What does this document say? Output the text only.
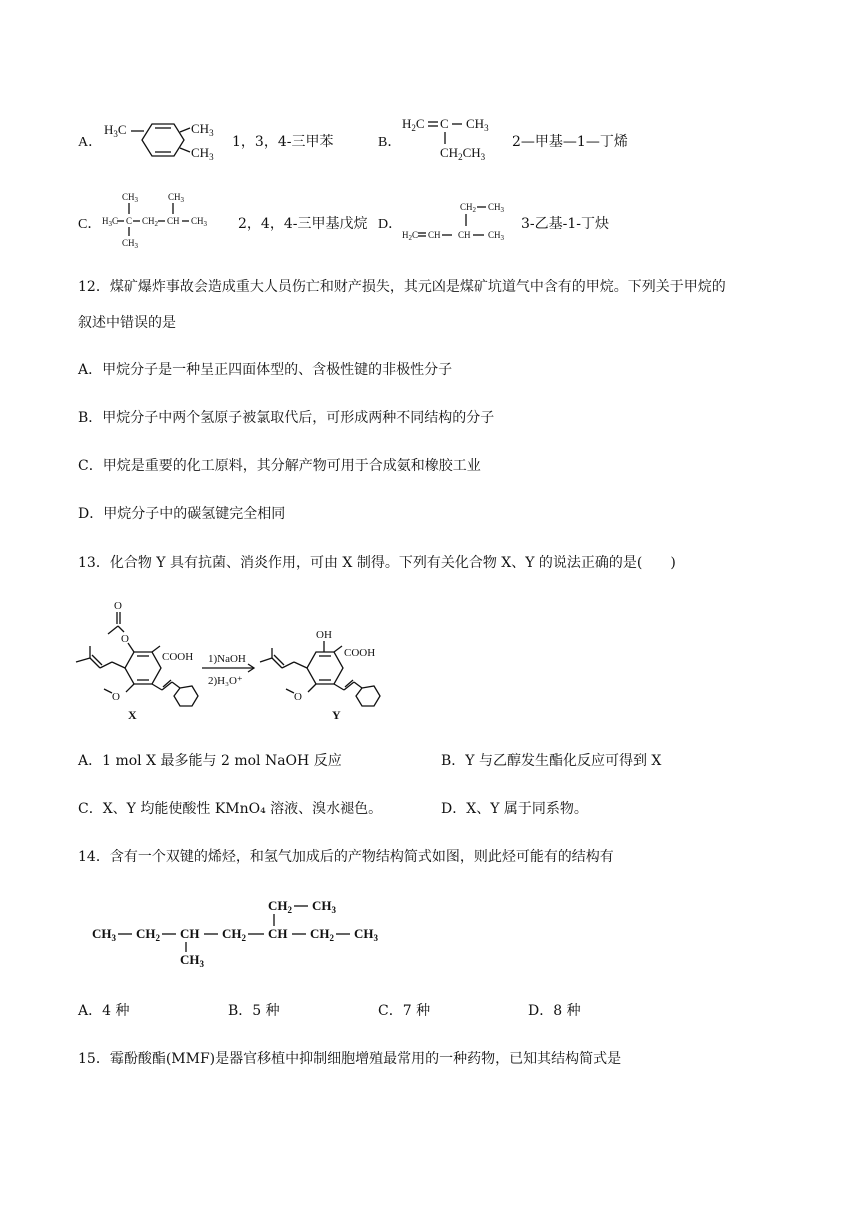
A．
$H_3C$	$CH_3$
$CH_3$
1，3，4-三甲苯	B．
$H_2C$ C $CH_3$
$CH_2CH_3$
2—甲基—1—丁烯
C． $H_3C$ C $CH_2$ CH $CH_3$
$CH_3$
$CH_3$
$CH_3$
2，4，4-三甲基戊烷 D．
$CH_2$ $CH_3$
$H_2C$ CH CH $CH_3$
3-乙基-1-丁炔
12．煤矿爆炸事故会造成重大人员伤亡和财产损失，其元凶是煤矿坑道气中含有的甲烷。下列关于甲烷的
叙述中错误的是
A．甲烷分子是一种呈正四面体型的、含极性键的非极性分子
B．甲烷分子中两个氢原子被氯取代后，可形成两种不同结构的分子
C．甲烷是重要的化工原料，其分解产物可用于合成氨和橡胶工业
D．甲烷分子中的碳氢键完全相同
13．化合物 Y 具有抗菌、消炎作用，可由 X 制得。下列有关化合物 X、Y 的说法正确的是(　　)
O
O
COOH
O
X
1)NaOH
2)H₃O⁺
OH
COOH
O
Y
A．1 mol X 最多能与 2 mol NaOH 反应	B．Y 与乙醇发生酯化反应可得到 X
C．X、Y 均能使酸性 KMnO₄ 溶液、溴水褪色。	D．X、Y 属于同系物。
14．含有一个双键的烯烃，和氢气加成后的产物结构简式如图，则此烃可能有的结构有
$CH_3$ $CH_2$ CH
$CH_3$
$CH_2$ CH
$CH_2$ $CH_3$
$CH_2$ $CH_3$
A．4 种	B．5 种	C．7 种	D．8 种
15．霉酚酸酯(MMF)是器官移植中抑制细胞增殖最常用的一种药物，已知其结构简式是
